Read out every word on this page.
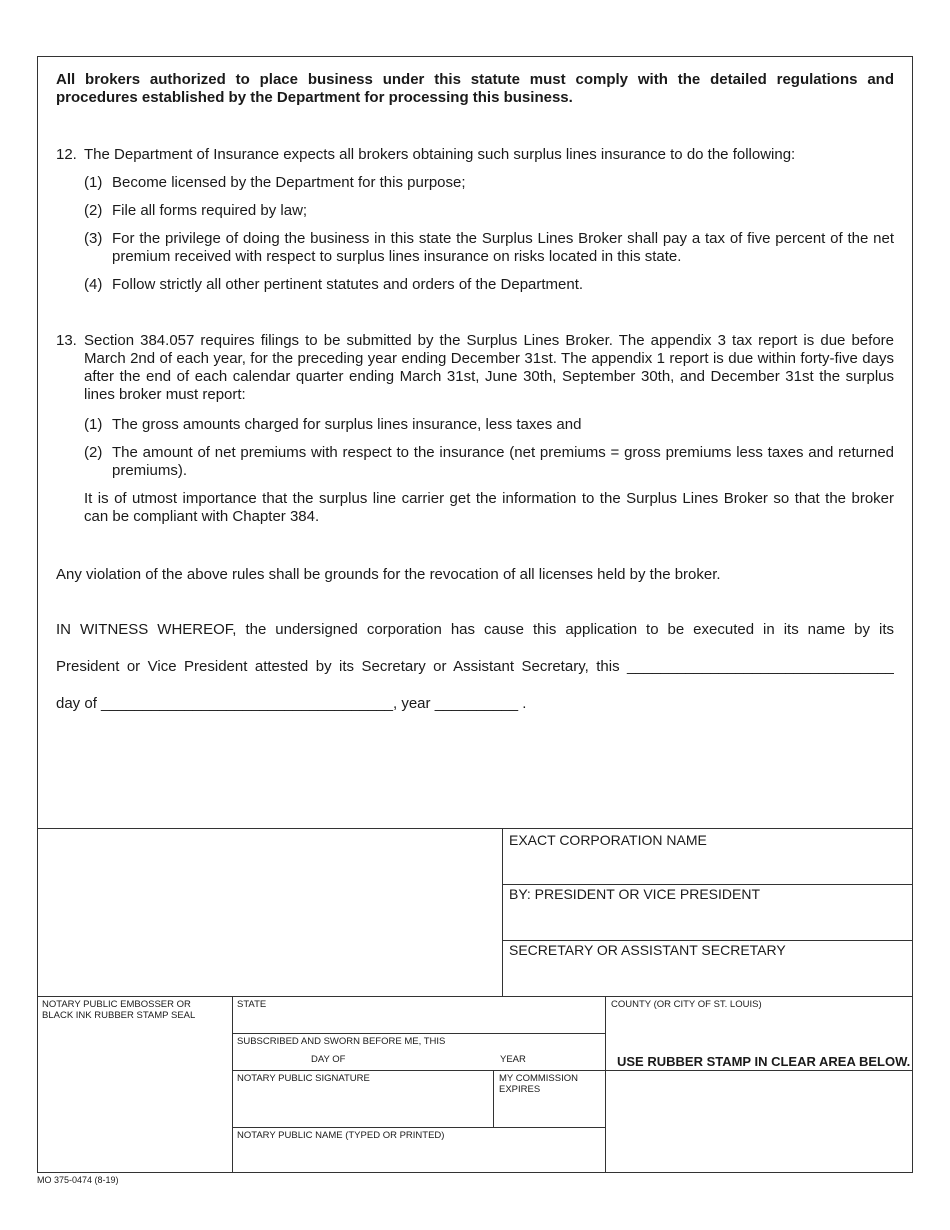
All brokers authorized to place business under this statute must comply with the detailed regulations and procedures established by the Department for processing this business.
12. The Department of Insurance expects all brokers obtaining such surplus lines insurance to do the following:
(1) Become licensed by the Department for this purpose;
(2) File all forms required by law;
(3) For the privilege of doing the business in this state the Surplus Lines Broker shall pay a tax of five percent of the net premium received with respect to surplus lines insurance on risks located in this state.
(4) Follow strictly all other pertinent statutes and orders of the Department.
13. Section 384.057 requires filings to be submitted by the Surplus Lines Broker. The appendix 3 tax report is due before March 2nd of each year, for the preceding year ending December 31st. The appendix 1 report is due within forty-five days after the end of each calendar quarter ending March 31st, June 30th, September 30th, and December 31st the surplus lines broker must report:
(1) The gross amounts charged for surplus lines insurance, less taxes and
(2) The amount of net premiums with respect to the insurance (net premiums = gross premiums less taxes and returned premiums).
It is of utmost importance that the surplus line carrier get the information to the Surplus Lines Broker so that the broker can be compliant with Chapter 384.
Any violation of the above rules shall be grounds for the revocation of all licenses held by the broker.
IN WITNESS WHEREOF, the undersigned corporation has cause this application to be executed in its name by its
President or Vice President attested by its Secretary or Assistant Secretary, this ________________________________
day of ___________________________________, year __________ .
EXACT CORPORATION NAME
BY: PRESIDENT OR VICE PRESIDENT
SECRETARY OR ASSISTANT SECRETARY
NOTARY PUBLIC EMBOSSER OR BLACK INK RUBBER STAMP SEAL
STATE	COUNTY (OR CITY OF ST. LOUIS)
SUBSCRIBED AND SWORN BEFORE ME, THIS
DAY OF	YEAR	USE RUBBER STAMP IN CLEAR AREA BELOW.
NOTARY PUBLIC SIGNATURE	MY COMMISSION EXPIRES
NOTARY PUBLIC NAME (TYPED OR PRINTED)
MO 375-0474 (8-19)
